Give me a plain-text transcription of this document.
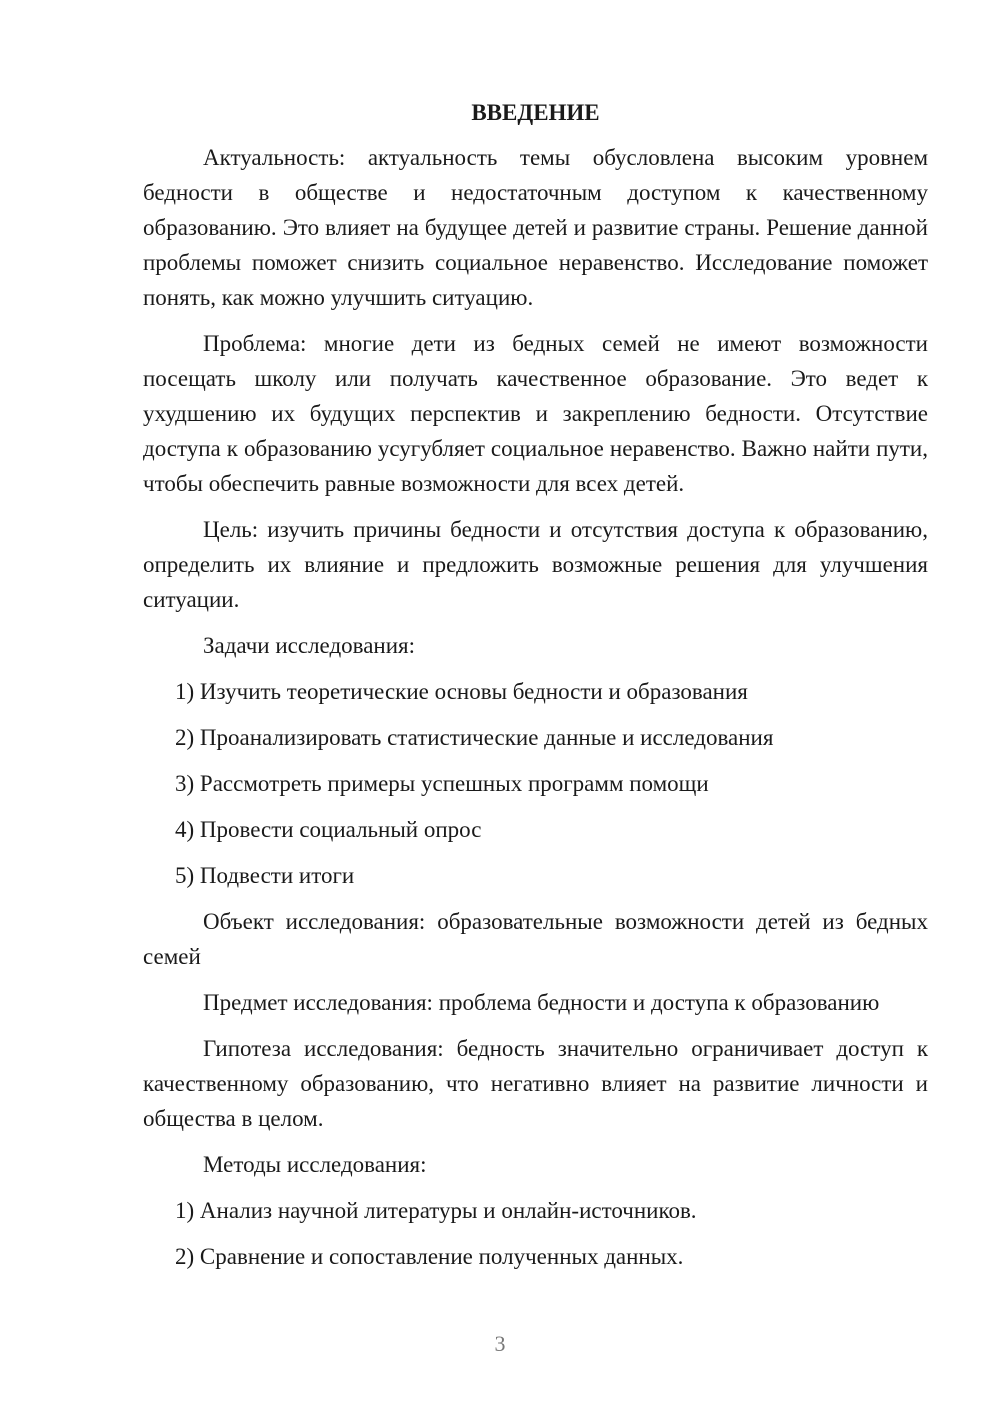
ВВЕДЕНИЕ

Актуальность: актуальность темы обусловлена высоким уровнем бедности в обществе и недостаточным доступом к качественному образованию. Это влияет на будущее детей и развитие страны. Решение данной проблемы поможет снизить социальное неравенство. Исследование поможет понять, как можно улучшить ситуацию.

Проблема: многие дети из бедных семей не имеют возможности посещать школу или получать качественное образование. Это ведет к ухудшению их будущих перспектив и закреплению бедности. Отсутствие доступа к образованию усугубляет социальное неравенство. Важно найти пути, чтобы обеспечить равные возможности для всех детей.

Цель: изучить причины бедности и отсутствия доступа к образованию, определить их влияние и предложить возможные решения для улучшения ситуации.

Задачи исследования:

1) Изучить теоретические основы бедности и образования
2) Проанализировать статистические данные и исследования
3) Рассмотреть примеры успешных программ помощи
4) Провести социальный опрос
5) Подвести итоги

Объект исследования: образовательные возможности детей из бедных семей

Предмет исследования: проблема бедности и доступа к образованию

Гипотеза исследования: бедность значительно ограничивает доступ к качественному образованию, что негативно влияет на развитие личности и общества в целом.

Методы исследования:

1) Анализ научной литературы и онлайн-источников.
2) Сравнение и сопоставление полученных данных.
3
